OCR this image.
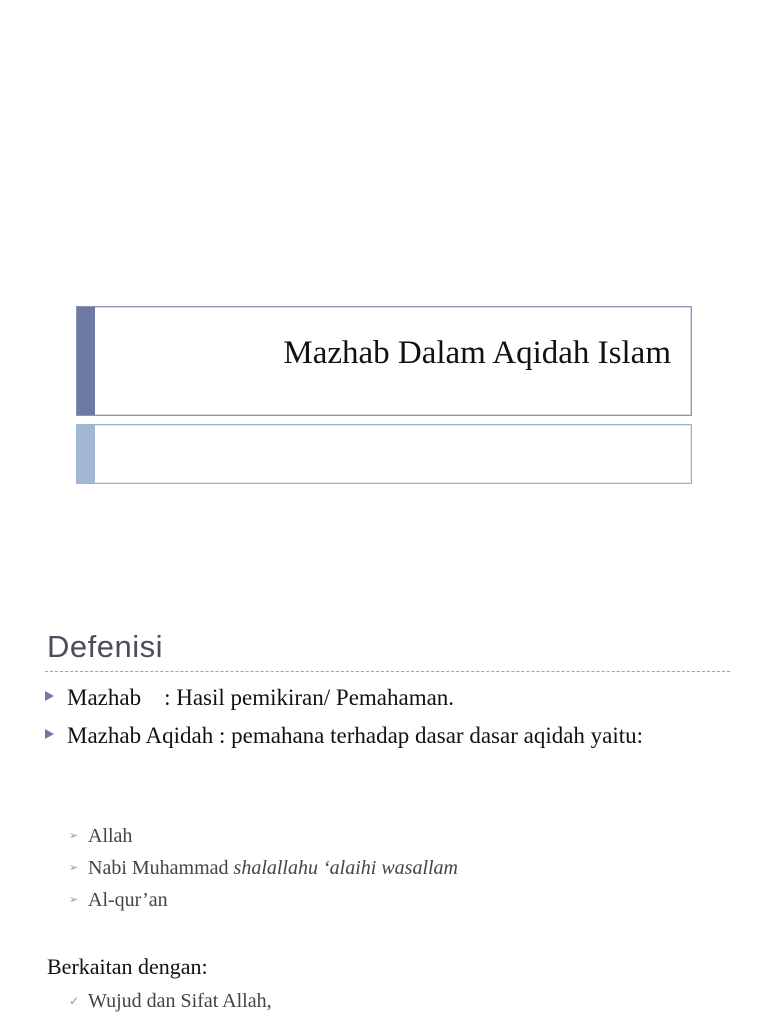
Mazhab Dalam Aqidah Islam
Defenisi
Mazhab    : Hasil pemikiran/ Pemahaman.
Mazhab Aqidah : pemahana terhadap dasar dasar aqidah yaitu:
➢ Allah
➢ Nabi Muhammad shalallahu ‘alaihi wasallam
➢ Al-qur’an
Berkaitan dengan:
✓ Wujud dan Sifat Allah,
